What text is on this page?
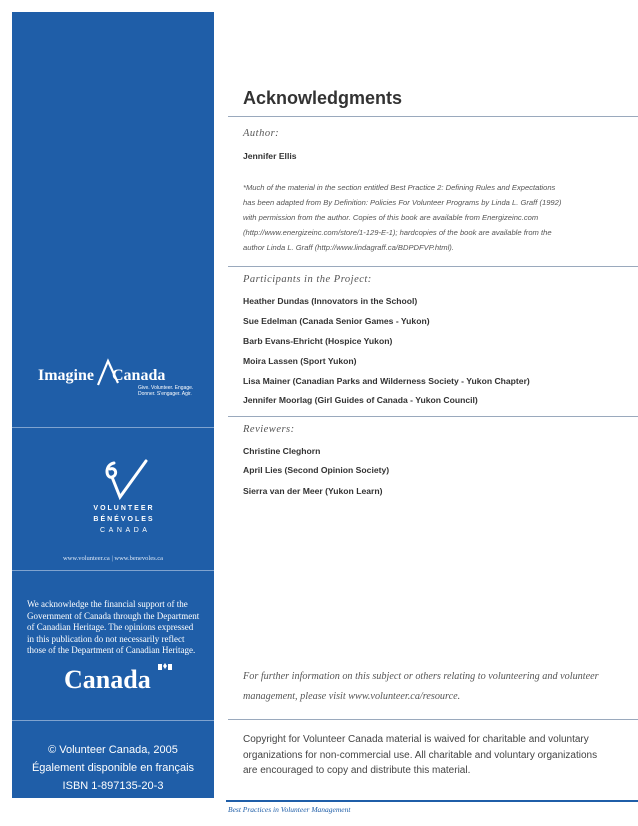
Imagine Canada
Give. Volunteer. Engage.
Donner. S'engager. Agir.
VOLUNTEER
BÉNÉVOLES
C A N A D A
www.volunteer.ca | www.benevoles.ca
We acknowledge the financial support of the Government of Canada through the Department of Canadian Heritage. The opinions expressed in this publication do not necessarily reflect those of the Department of Canadian Heritage.
Canada
© Volunteer Canada, 2005
Également disponible en français
ISBN 1-897135-20-3
Acknowledgments
Author:
Jennifer Ellis
*Much of the material in the section entitled Best Practice 2: Defining Rules and Expectations
has been adapted from By Definition: Policies For Volunteer Programs by Linda L. Graff (1992)
with permission from the author. Copies of this book are available from Energizeinc.com
(http://www.energizeinc.com/store/1-129-E-1); hardcopies of the book are available from the
author Linda L. Graff (http://www.lindagraff.ca/BDPDFVP.html).
Participants in the Project:
Heather Dundas (Innovators in the School)
Sue Edelman (Canada Senior Games - Yukon)
Barb Evans-Ehricht (Hospice Yukon)
Moira Lassen (Sport Yukon)
Lisa Mainer (Canadian Parks and Wilderness Society - Yukon Chapter)
Jennifer Moorlag (Girl Guides of Canada - Yukon Council)
Reviewers:
Christine Cleghorn
April Lies (Second Opinion Society)
Sierra van der Meer (Yukon Learn)
For further information on this subject or others relating to volunteering and volunteer management, please visit www.volunteer.ca/resource.
Copyright for Volunteer Canada material is waived for charitable and voluntary organizations for non-commercial use. All charitable and voluntary organizations are encouraged to copy and distribute this material.
Best Practices in Volunteer Management
